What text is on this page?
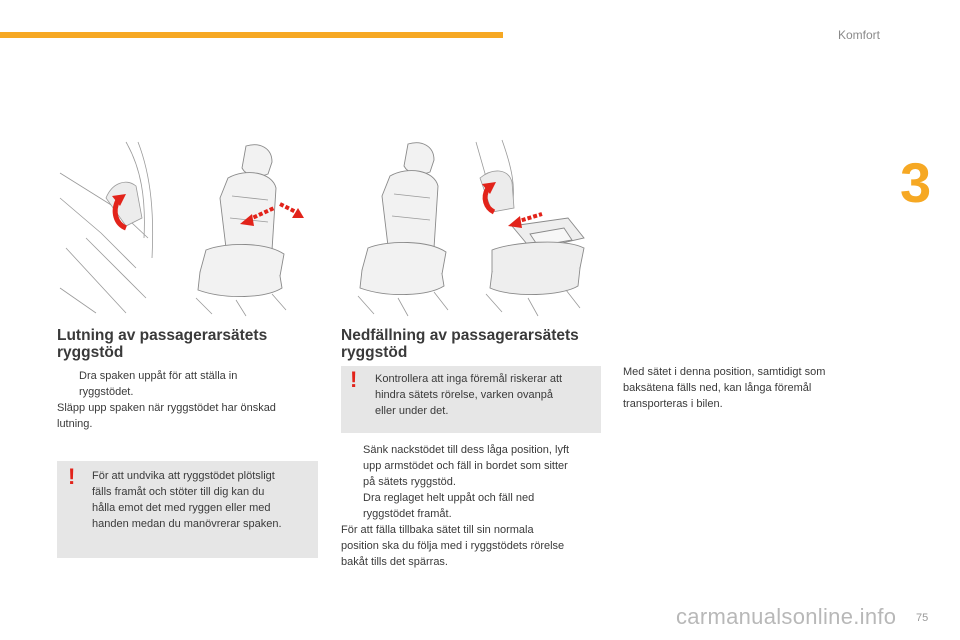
Komfort
3
Lutning av passagerarsätets
ryggstöd
Dra spaken uppåt för att ställa in
ryggstödet.
Släpp upp spaken när ryggstödet har önskad
lutning.
! För att undvika att ryggstödet plötsligt
fälls framåt och stöter till dig kan du
hålla emot det med ryggen eller med
handen medan du manövrerar spaken.
Nedfällning av passagerarsätets
ryggstöd
! Kontrollera att inga föremål riskerar att
hindra sätets rörelse, varken ovanpå
eller under det.
Sänk nackstödet till dess låga position, lyft
upp armstödet och fäll in bordet som sitter
på sätets ryggstöd.
Dra reglaget helt uppåt och fäll ned
ryggstödet framåt.
För att fälla tillbaka sätet till sin normala
position ska du följa med i ryggstödets rörelse
bakåt tills det spärras.
Med sätet i denna position, samtidigt som
baksätena fälls ned, kan långa föremål
transporteras i bilen.
carmanualsonline.info 75
